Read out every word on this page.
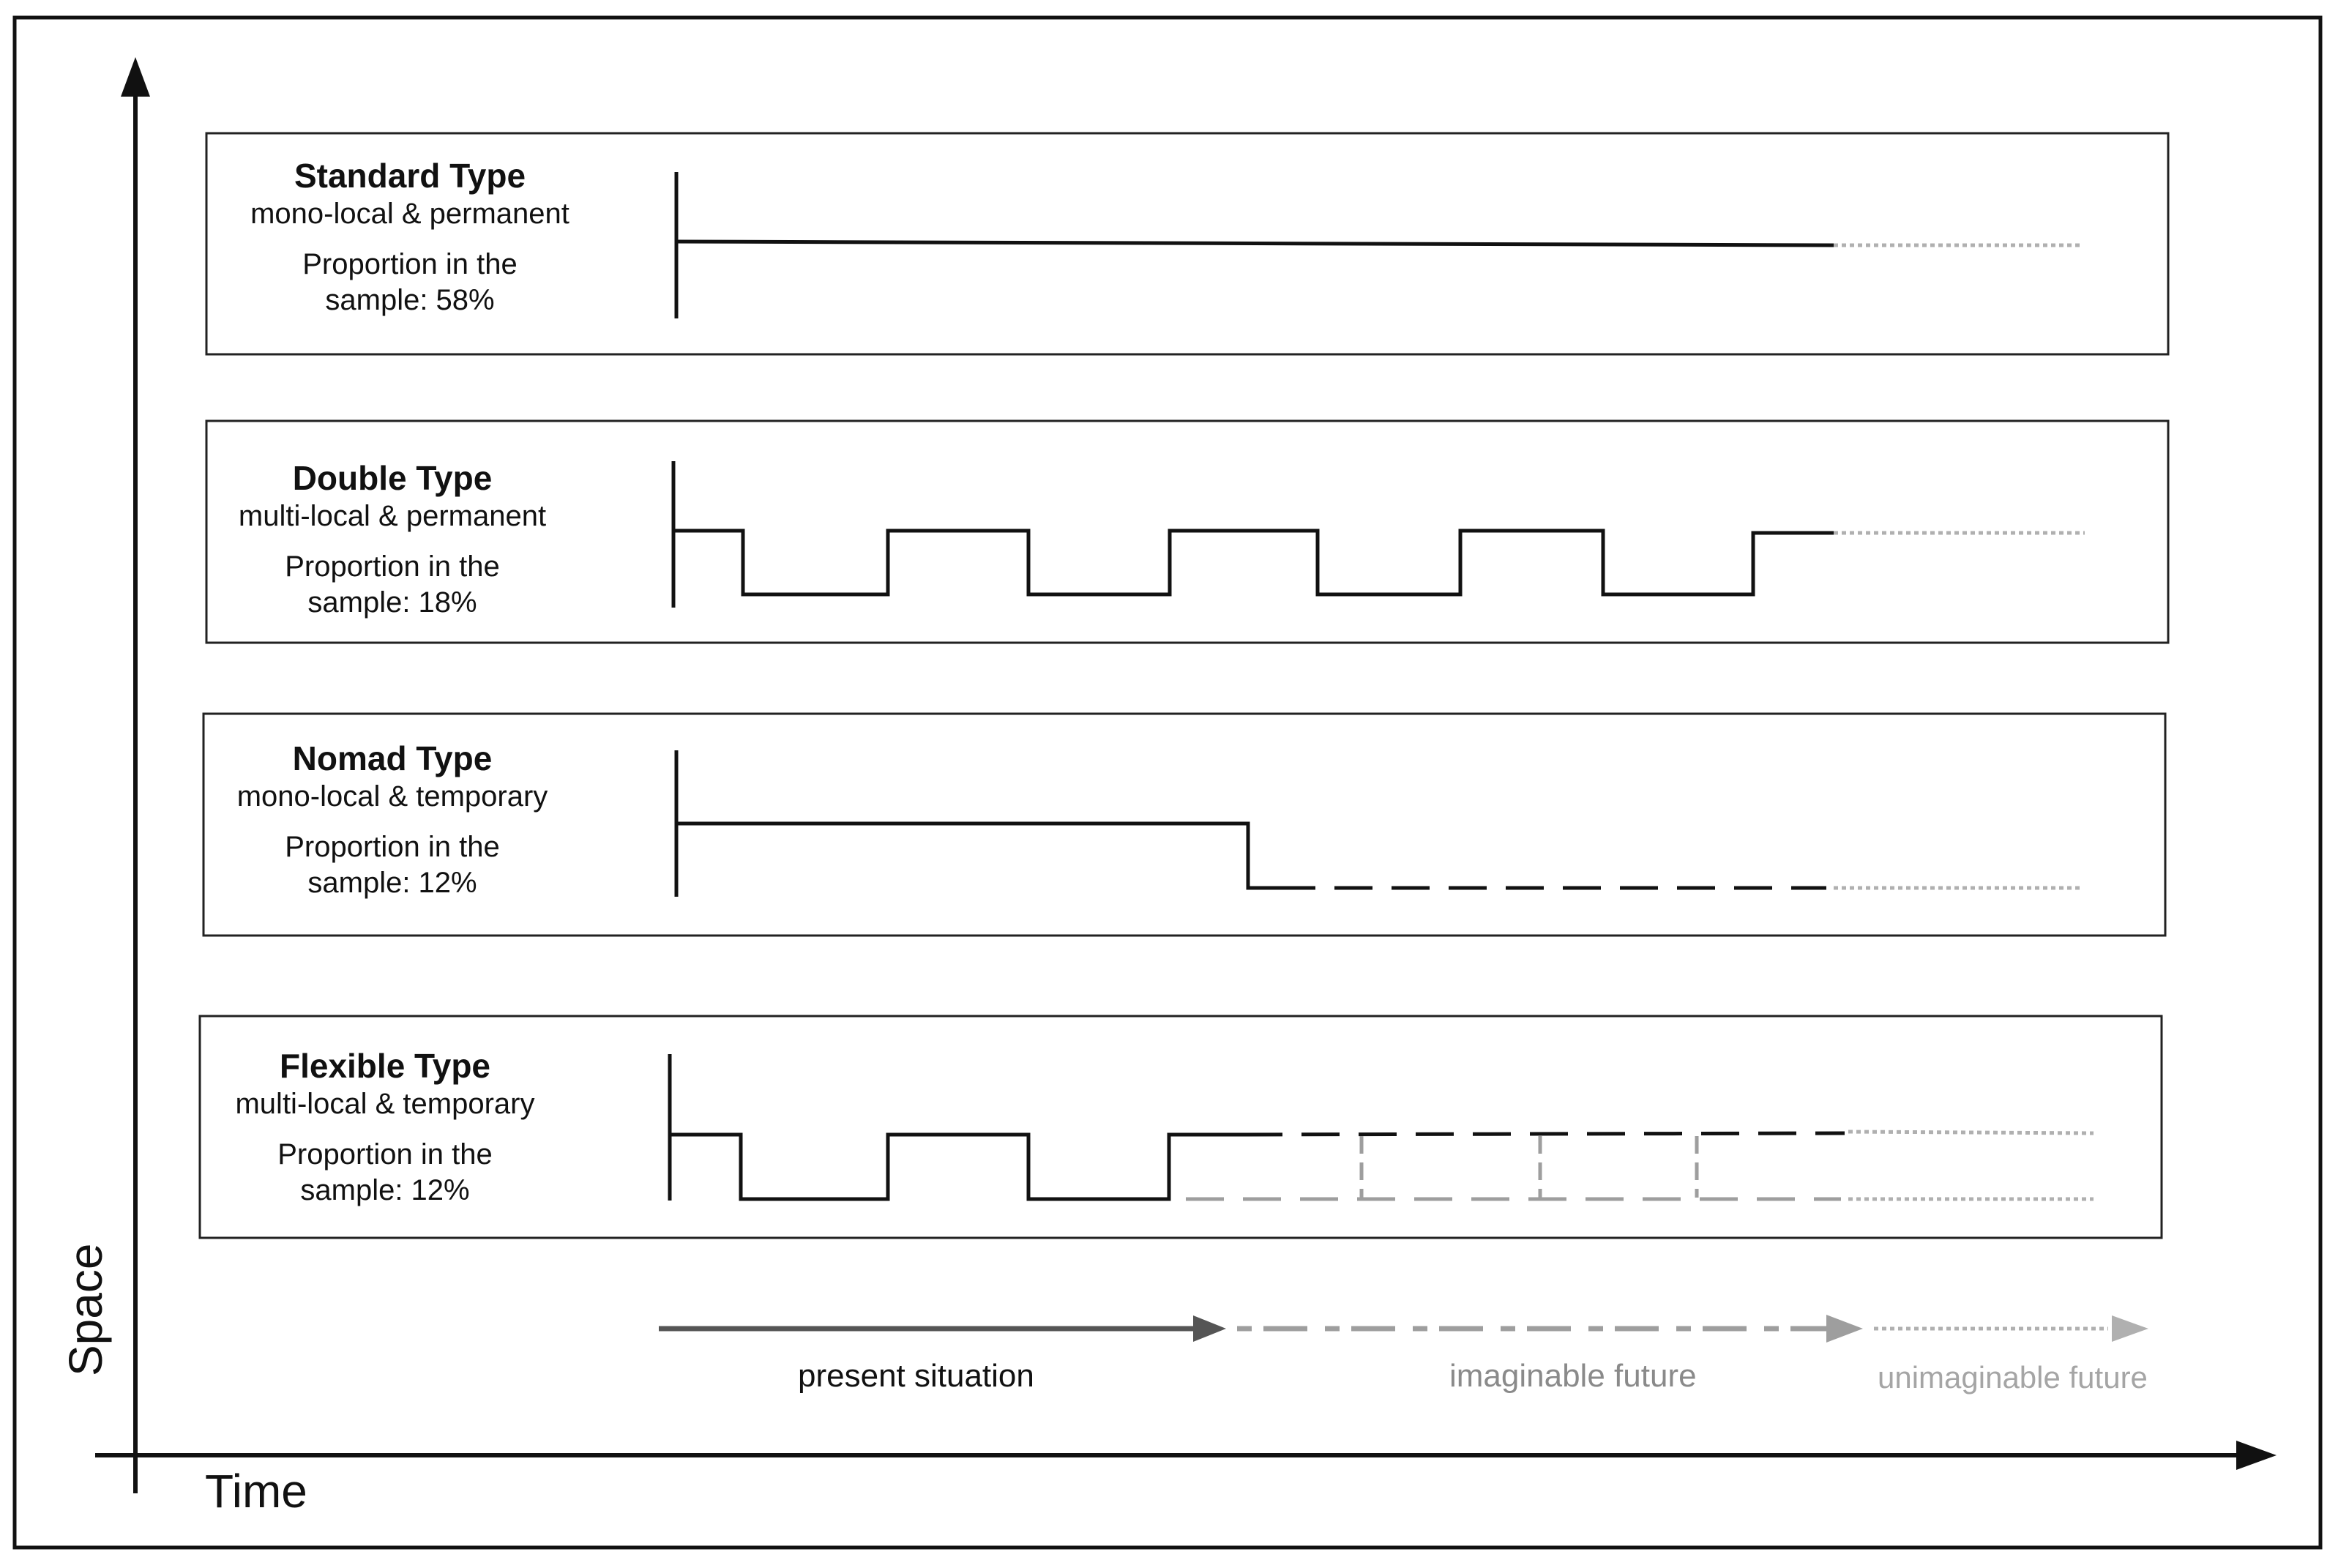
Space
Time
Standard Type
mono-local & permanent
Proportion in the sample: 58%
Double Type
multi-local & permanent
Proportion in the sample: 18%
Nomad Type
mono-local & temporary
Proportion in the sample: 12%
Flexible Type
multi-local & temporary
Proportion in the sample: 12%
present situation	imaginable future	unimaginable future
